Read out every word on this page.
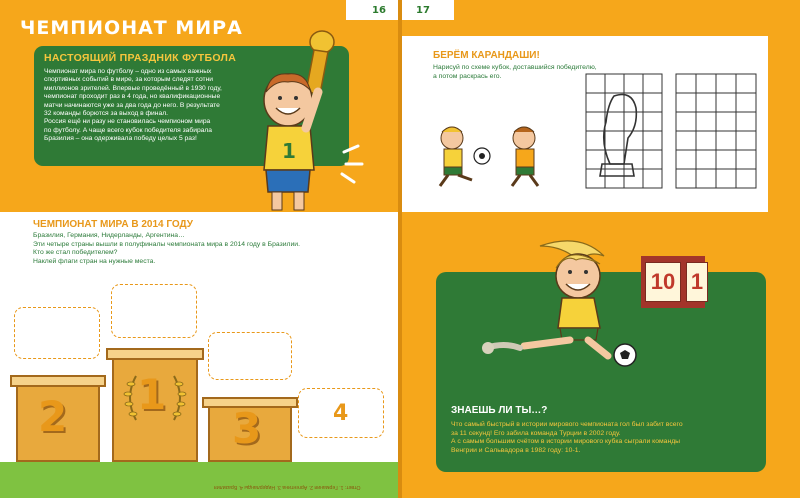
16	17
ЧЕМПИОНАТ МИРА
НАСТОЯЩИЙ ПРАЗДНИК ФУТБОЛА
Чемпионат мира по футболу – одно из самых важных
спортивных событий в мире, за которым следят сотни
миллионов зрителей. Впервые проведённый в 1930 году,
чемпионат проходит раз в 4 года, но квалификационные
матчи начинаются уже за два года до него. В результате
32 команды борются за выход в финал.
Россия ещё ни разу не становилась чемпионом мира
по футболу. А чаще всего кубок победителя забирала
Бразилия – она одерживала победу целых 5 раз!
1
БЕРЁМ КАРАНДАШИ!
Нарисуй по схеме кубок, доставшийся победителю,
а потом раскрась его.
ЧЕМПИОНАТ МИРА В 2014 ГОДУ
Бразилия, Германия, Нидерланды, Аргентина…
Эти четыре страны вышли в полуфиналы чемпионата мира в 2014 году в Бразилии.
Кто же стал победителем?
Наклей флаги стран на нужные места.
2 1
3	4
Ответ: 1. Германия 2. Аргентина 3. Нидерланды 4. Бразилия
10 1
ЗНАЕШЬ ЛИ ТЫ…?
Что самый быстрый в истории мирового чемпионата гол был забит всего
за 11 секунд! Его забила команда Турции в 2002 году.
А с самым большим счётом в истории мирового кубка сыграли команды
Венгрии и Сальвадора в 1982 году: 10-1.
